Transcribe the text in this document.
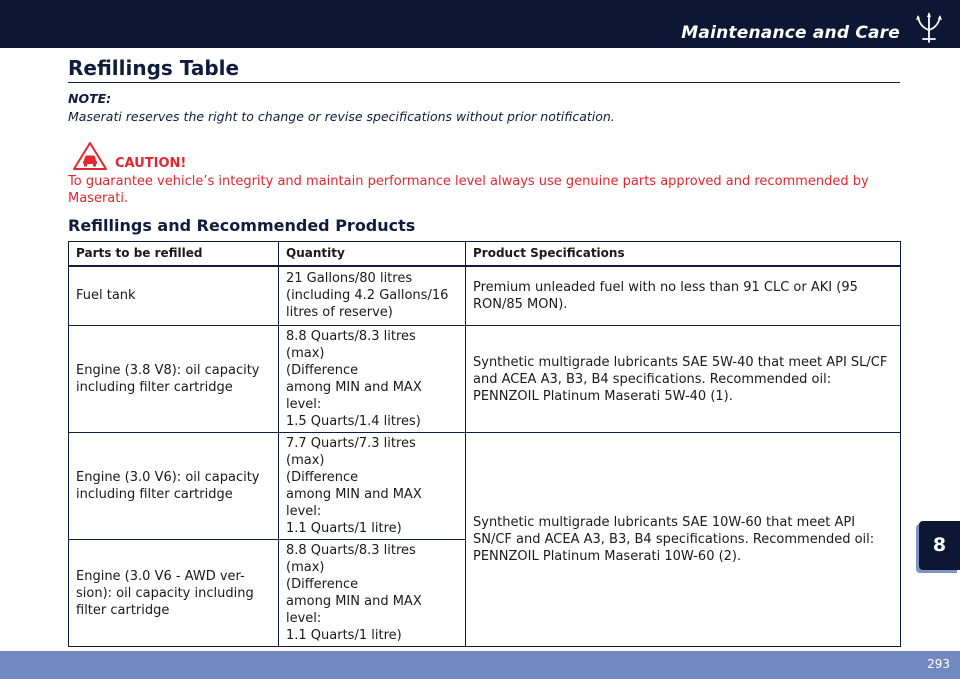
Maintenance and Care
Refillings Table
NOTE:
Maserati reserves the right to change or revise specifications without prior notification.
CAUTION!
To guarantee vehicle’s integrity and maintain performance level always use genuine parts approved and recommended by Maserati.
Refillings and Recommended Products
Parts to be refilled	Quantity	Product Specifications
Fuel tank	21 Gallons/80 litres
(including 4.2 Gallons/16 litres of reserve)	Premium unleaded fuel with no less than 91 CLC or AKI (95 RON/85 MON).
Engine (3.8 V8): oil capacity including filter cartridge	8.8 Quarts/8.3 litres (max)
(Difference
among MIN and MAX level:
1.5 Quarts/1.4 litres)	Synthetic multigrade lubricants SAE 5W-40 that meet API SL/CF and ACEA A3, B3, B4 specifications. Recommended oil: PENNZOIL Platinum Maserati 5W-40 (1).
Engine (3.0 V6): oil capacity including filter cartridge	7.7 Quarts/7.3 litres (max)
(Difference
among MIN and MAX level:
1.1 Quarts/1 litre)	Synthetic multigrade lubricants SAE 10W-60 that meet API SN/CF and ACEA A3, B3, B4 specifications. Recommended oil: PENNZOIL Platinum Maserati 10W-60 (2).
Engine (3.0 V6 - AWD ver- sion): oil capacity including filter cartridge	8.8 Quarts/8.3 litres (max)
(Difference
among MIN and MAX level:
1.1 Quarts/1 litre)	
8
293
